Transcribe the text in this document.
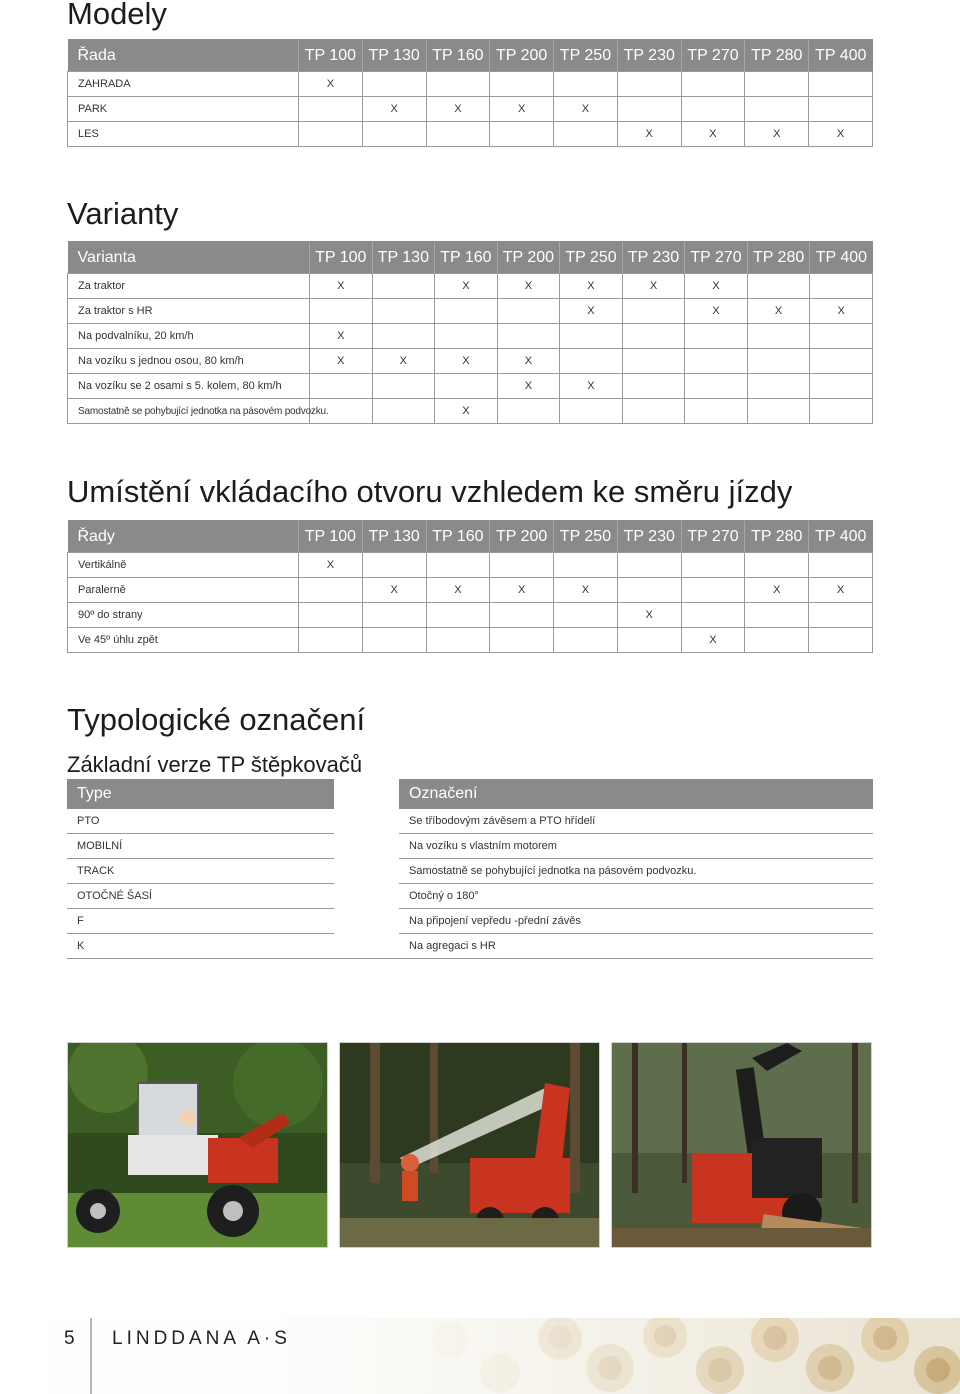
Modely
Řada	TP 100	TP 130	TP 160	TP 200	TP 250	TP 230	TP 270	TP 280	TP 400
ZAHRADA	X								
PARK		X	X	X	X				
LES						X	X	X	X
Varianty
Varianta	TP 100	TP 130	TP 160	TP 200	TP 250	TP 230	TP 270	TP 280	TP 400
Za traktor	X		X	X	X	X	X		
Za traktor s HR					X		X	X	X
Na podvalníku, 20 km/h	X								
Na vozíku s jednou osou, 80 km/h	X	X	X	X					
Na vozíku se 2 osami s 5. kolem, 80 km/h				X	X				
Samostatně se pohybující jednotka na pásovém podvozku.			X						
Umístění vkládacího otvoru vzhledem ke směru jízdy
Řady	TP 100	TP 130	TP 160	TP 200	TP 250	TP 230	TP 270	TP 280	TP 400
Vertikálně	X								
Paralerně		X	X	X	X			X	X
90º do strany						X			
Ve 45º úhlu zpět							X		
Typologické označení
Základní verze TP štěpkovačů
Type		Označení
PTO		Se tříbodovým závěsem a PTO hřídelí
MOBILNÍ		Na vozíku s vlastním motorem
TRACK		Samostatně se pohybující jednotka na pásovém podvozku.
OTOČNÉ ŠASÍ		Otočný o 180°
F		Na připojení vepředu -přední závěs
K		Na agregaci s HR
5 LINDDANA A·S
